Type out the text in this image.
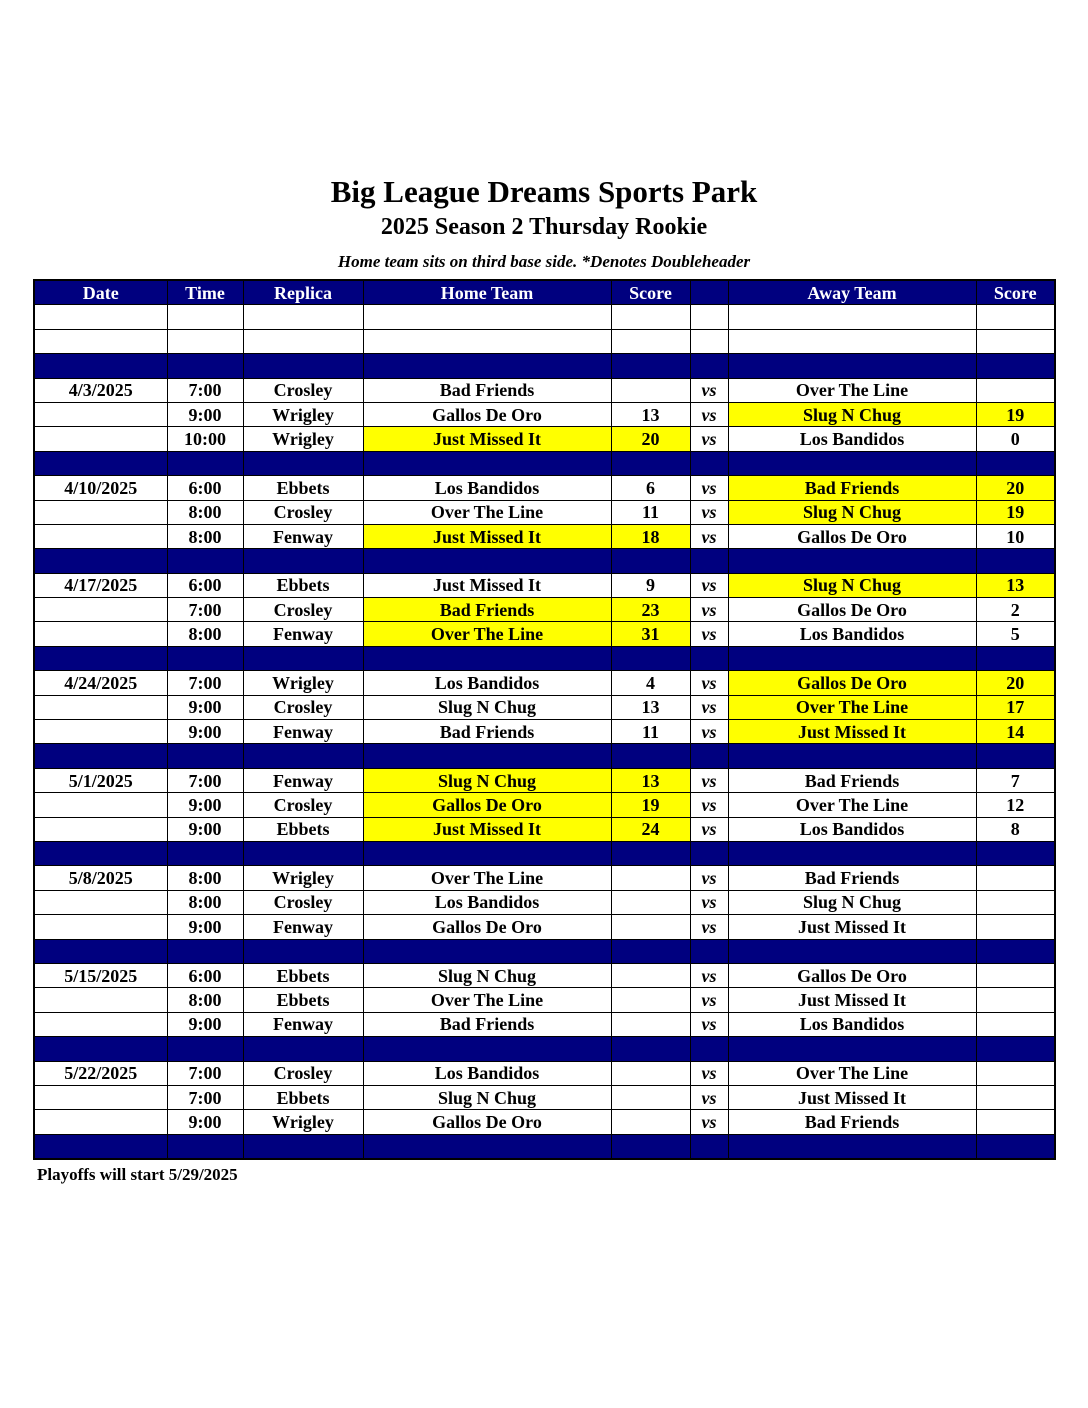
Big League Dreams Sports Park
2025 Season 2 Thursday Rookie
Home team sits on third base side. *Denotes Doubleheader
Date	Time	Replica	Home Team	Score		Away Team	Score

4/3/2025	7:00	Crosley	Bad Friends		vs	Over The Line	
	9:00	Wrigley	Gallos De Oro	13	vs	Slug N Chug	19
	10:00	Wrigley	Just Missed It	20	vs	Los Bandidos	0

4/10/2025	6:00	Ebbets	Los Bandidos	6	vs	Bad Friends	20
	8:00	Crosley	Over The Line	11	vs	Slug N Chug	19
	8:00	Fenway	Just Missed It	18	vs	Gallos De Oro	10

4/17/2025	6:00	Ebbets	Just Missed It	9	vs	Slug N Chug	13
	7:00	Crosley	Bad Friends	23	vs	Gallos De Oro	2
	8:00	Fenway	Over The Line	31	vs	Los Bandidos	5

4/24/2025	7:00	Wrigley	Los Bandidos	4	vs	Gallos De Oro	20
	9:00	Crosley	Slug N Chug	13	vs	Over The Line	17
	9:00	Fenway	Bad Friends	11	vs	Just Missed It	14

5/1/2025	7:00	Fenway	Slug N Chug	13	vs	Bad Friends	7
	9:00	Crosley	Gallos De Oro	19	vs	Over The Line	12
	9:00	Ebbets	Just Missed It	24	vs	Los Bandidos	8

5/8/2025	8:00	Wrigley	Over The Line		vs	Bad Friends	
	8:00	Crosley	Los Bandidos		vs	Slug N Chug	
	9:00	Fenway	Gallos De Oro		vs	Just Missed It	

5/15/2025	6:00	Ebbets	Slug N Chug		vs	Gallos De Oro	
	8:00	Ebbets	Over The Line		vs	Just Missed It	
	9:00	Fenway	Bad Friends		vs	Los Bandidos	

5/22/2025	7:00	Crosley	Los Bandidos		vs	Over The Line	
	7:00	Ebbets	Slug N Chug		vs	Just Missed It	
	9:00	Wrigley	Gallos De Oro		vs	Bad Friends	

Playoffs will start 5/29/2025
